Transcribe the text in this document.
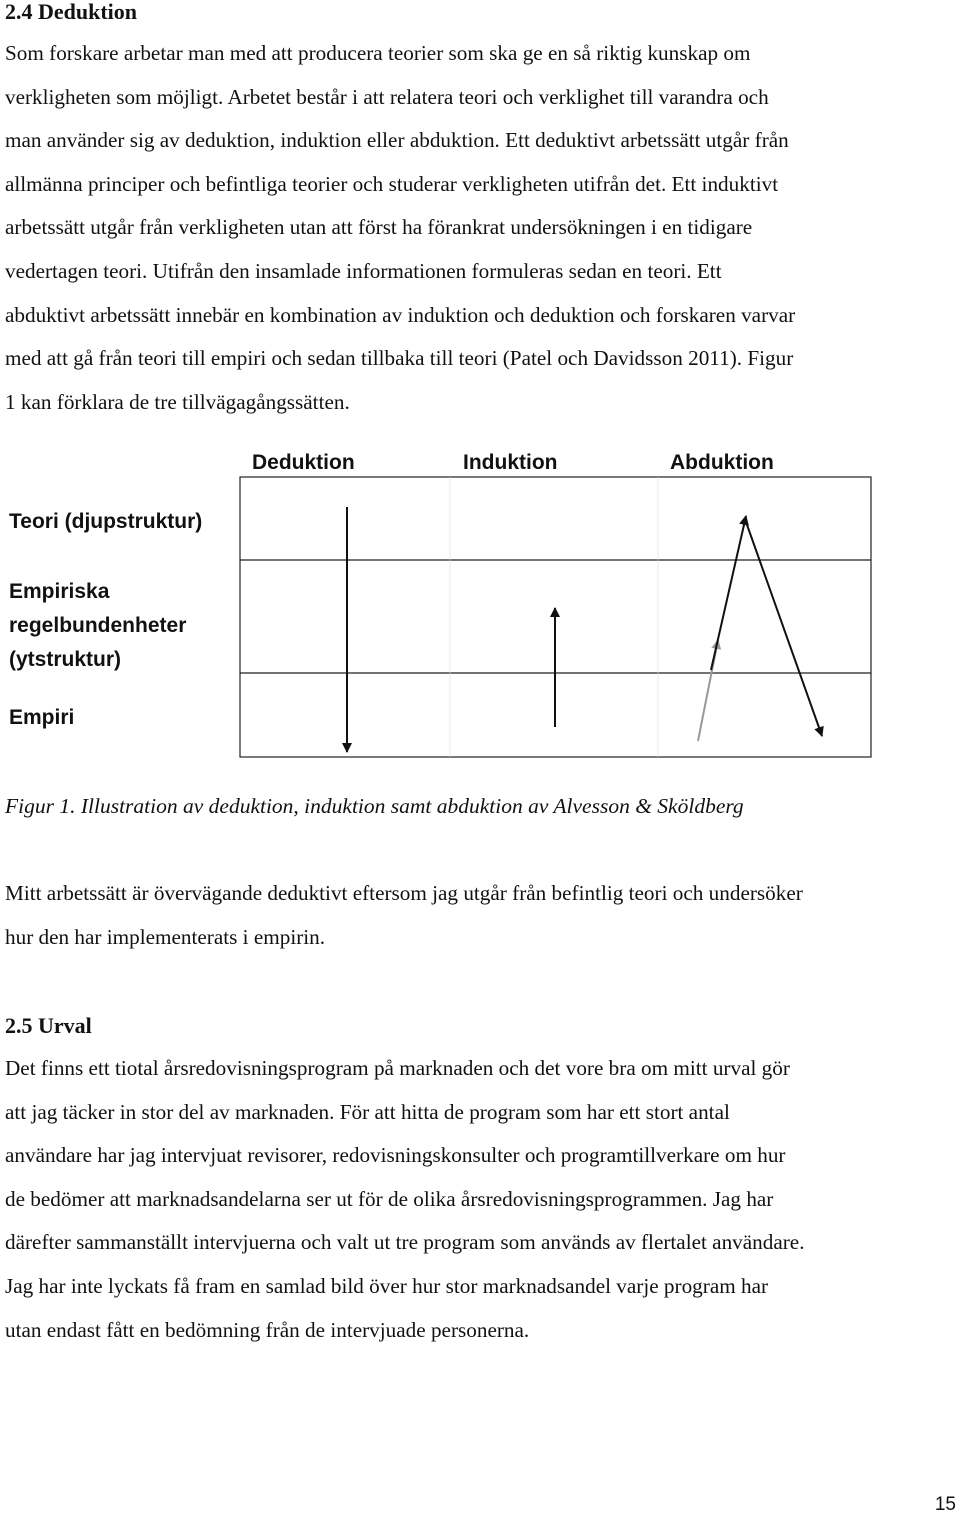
2.4 Deduktion

Som forskare arbetar man med att producera teorier som ska ge en så riktig kunskap om
verkligheten som möjligt. Arbetet består i att relatera teori och verklighet till varandra och
man använder sig av deduktion, induktion eller abduktion. Ett deduktivt arbetssätt utgår från
allmänna principer och befintliga teorier och studerar verkligheten utifrån det. Ett induktivt
arbetssätt utgår från verkligheten utan att först ha förankrat undersökningen i en tidigare
vedertagen teori. Utifrån den insamlade informationen formuleras sedan en teori. Ett
abduktivt arbetssätt innebär en kombination av induktion och deduktion och forskaren varvar
med att gå från teori till empiri och sedan tillbaka till teori (Patel och Davidsson 2011). Figur
1 kan förklara de tre tillvägagångssätten.

Deduktion	Induktion	Abduktion
Teori (djupstruktur)
Empiriska
regelbundenheter
(ytstruktur)
Empiri
Figur 1. Illustration av deduktion, induktion samt abduktion av Alvesson & Sköldberg

Mitt arbetssätt är övervägande deduktivt eftersom jag utgår från befintlig teori och undersöker
hur den har implementerats i empirin.

2.5 Urval

Det finns ett tiotal årsredovisningsprogram på marknaden och det vore bra om mitt urval gör
att jag täcker in stor del av marknaden. För att hitta de program som har ett stort antal
användare har jag intervjuat revisorer, redovisningskonsulter och programtillverkare om hur
de bedömer att marknadsandelarna ser ut för de olika årsredovisningsprogrammen. Jag har
därefter sammanställt intervjuerna och valt ut tre program som används av flertalet användare.
Jag har inte lyckats få fram en samlad bild över hur stor marknadsandel varje program har
utan endast fått en bedömning från de intervjuade personerna.

15
